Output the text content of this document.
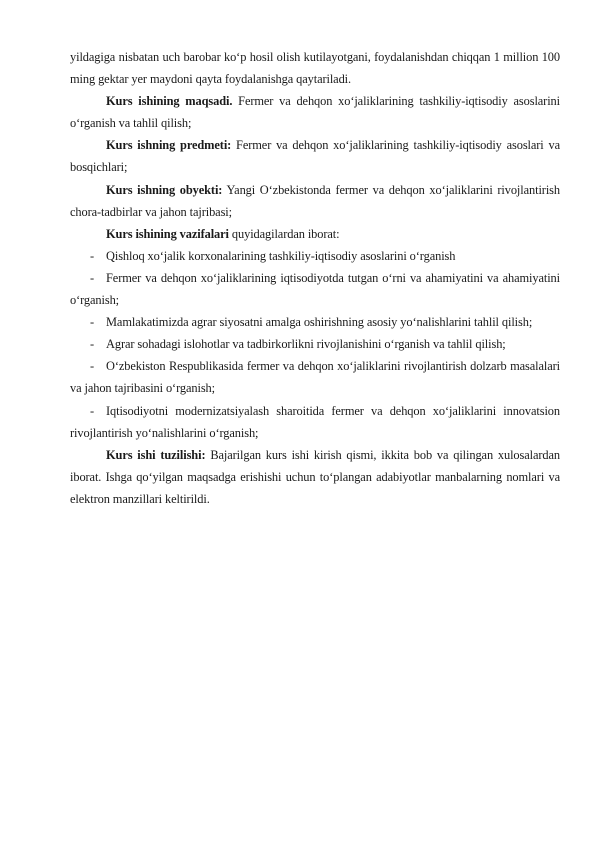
yildagiga nisbatan uch barobar ko‘p hosil olish kutilayotgani, foydalanishdan chiqqan 1 million 100 ming gektar yer maydoni qayta foydalanishga qaytariladi.

Kurs ishining maqsadi. Fermer va dehqon xo‘jaliklarining tashkiliy-iqtisodiy asoslarini o‘rganish va tahlil qilish;

Kurs ishning predmeti: Fermer va dehqon xo‘jaliklarining tashkiliy-iqtisodiy asoslari va bosqichlari;

Kurs ishning obyekti: Yangi O‘zbekistonda fermer va dehqon xo‘jaliklarini rivojlantirish chora-tadbirlar va jahon tajribasi;

Kurs ishining vazifalari quyidagilardan iborat:

- Qishloq xo‘jalik korxonalarining tashkiliy-iqtisodiy asoslarini o‘rganish
- Fermer va dehqon xo‘jaliklarining iqtisodiyotda tutgan o‘rni va ahamiyatini va ahamiyatini o‘rganish;
- Mamlakatimizda agrar siyosatni amalga oshirishning asosiy yo‘nalishlarini tahlil qilish;
- Agrar sohadagi islohotlar va tadbirkorlikni rivojlanishini o‘rganish va tahlil qilish;
- O‘zbekiston Respublikasida fermer va dehqon xo‘jaliklarini rivojlantirish dolzarb masalalari va jahon tajribasini o‘rganish;
- Iqtisodiyotni modernizatsiyalash sharoitida fermer va dehqon xo‘jaliklarini innovatsion rivojlantirish yo‘nalishlarini o‘rganish;

Kurs ishi tuzilishi: Bajarilgan kurs ishi kirish qismi, ikkita bob va qilingan xulosalardan iborat. Ishga qo‘yilgan maqsadga erishishi uchun to‘plangan adabiyotlar manbalarning nomlari va elektron manzillari keltirildi.
